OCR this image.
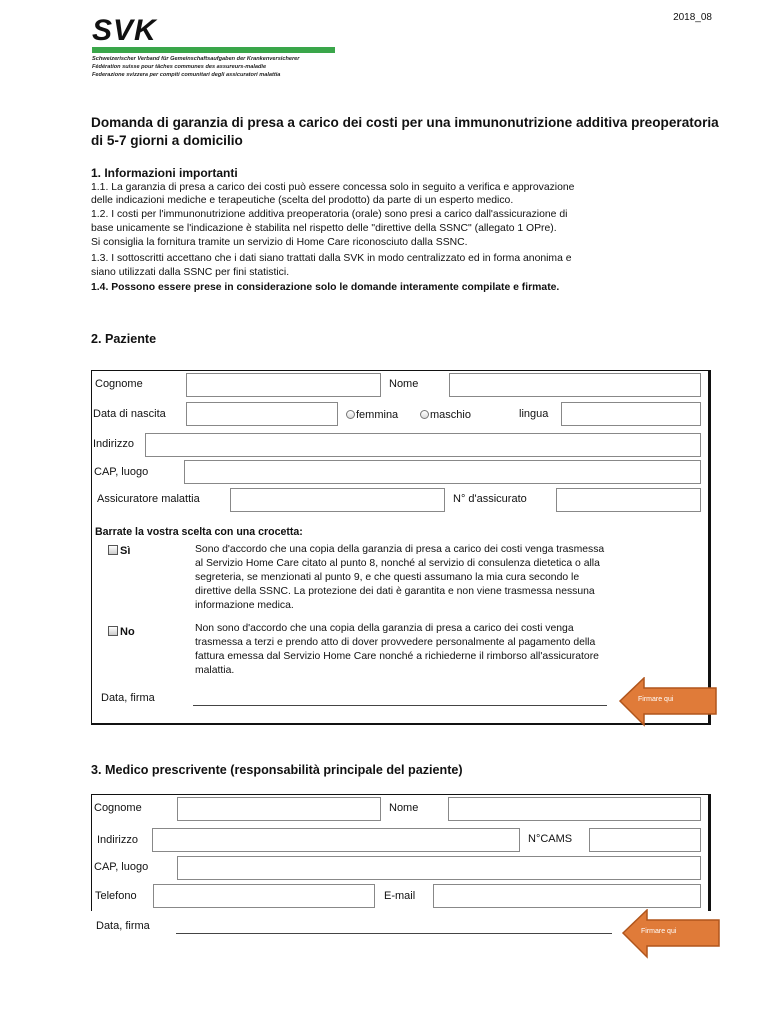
SVK
Schweizerischer Verband für Gemeinschaftsaufgaben der Krankenversicherer
Fédération suisse pour tâches communes des assureurs-maladie
Federazione svizzera per compiti comunitari degli assicuratori malattia
2018_08
Domanda di garanzia di presa a carico dei costi per una immunonutrizione additiva preoperatoria di 5-7 giorni a domicilio
1. Informazioni importanti
1.1. La garanzia di presa a carico dei costi può essere concessa solo in seguito a verifica e approvazione
delle indicazioni mediche e terapeutiche (scelta del prodotto) da parte di un esperto medico.
1.2. I costi per l'immunonutrizione additiva preoperatoria (orale) sono presi a carico dall'assicurazione di
base unicamente se l'indicazione è stabilita nel rispetto delle "direttive della SSNC" (allegato 1 OPre).
Si consiglia la fornitura tramite un servizio di Home Care riconosciuto dalla SSNC.
1.3. I sottoscritti accettano che i dati siano trattati dalla SVK in modo centralizzato ed in forma anonima e
siano utilizzati dalla SSNC per fini statistici.
1.4. Possono essere prese in considerazione solo le domande interamente compilate e firmate.
2. Paziente
Cognome	Nome
Data di nascita	femmina	maschio	lingua
Indirizzo
CAP, luogo
Assicuratore malattia	N° d'assicurato
Barrate la vostra scelta con una crocetta:
Sì	Sono d'accordo che una copia della garanzia di presa a carico dei costi venga trasmessa
al Servizio Home Care citato al punto 8, nonché al servizio di consulenza dietetica o alla
segreteria, se menzionati al punto 9, e che questi assumano la mia cura secondo le
direttive della SSNC. La protezione dei dati è garantita e non viene trasmessa nessuna
informazione medica.
No	Non sono d'accordo che una copia della garanzia di presa a carico dei costi venga
trasmessa a terzi e prendo atto di dover provvedere personalmente al pagamento della
fattura emessa dal Servizio Home Care nonché a richiederne il rimborso all'assicuratore
malattia.
Data, firma	Firmare qui
3. Medico prescrivente (responsabilità principale del paziente)
Cognome	Nome
Indirizzo	N°CAMS
CAP, luogo
Telefono	E-mail
Data, firma	Firmare qui
